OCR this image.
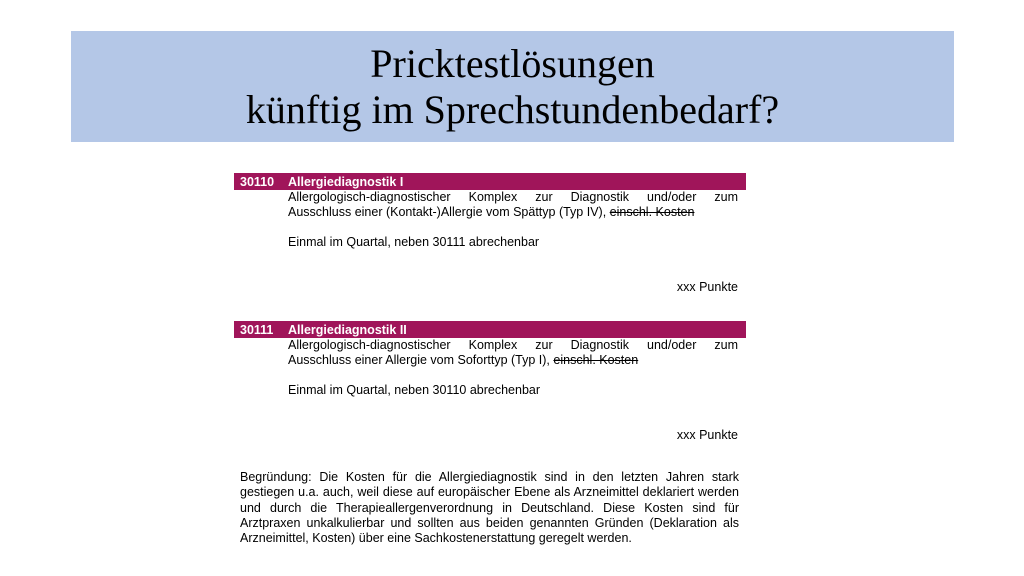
Pricktestlösungen
künftig im Sprechstundenbedarf?
30110	Allergiediagnostik I
Allergologisch-diagnostischer Komplex zur Diagnostik und/oder zum
Ausschluss einer (Kontakt-)Allergie vom Spättyp (Typ IV), einschl. Kosten
Einmal im Quartal, neben 30111 abrechenbar
xxx Punkte
30111	Allergiediagnostik II
Allergologisch-diagnostischer Komplex zur Diagnostik und/oder zum
Ausschluss einer Allergie vom Soforttyp (Typ I), einschl. Kosten
Einmal im Quartal, neben 30110 abrechenbar
xxx Punkte
Begründung: Die Kosten für die Allergiediagnostik sind in den letzten Jahren stark gestiegen u.a. auch, weil diese auf europäischer Ebene als Arzneimittel deklariert werden und durch die Therapieallergenverordnung in Deutschland. Diese Kosten sind für Arztpraxen unkalkulierbar und sollten aus beiden genannten Gründen (Deklaration als Arzneimittel, Kosten) über eine Sachkostenerstattung geregelt werden.
